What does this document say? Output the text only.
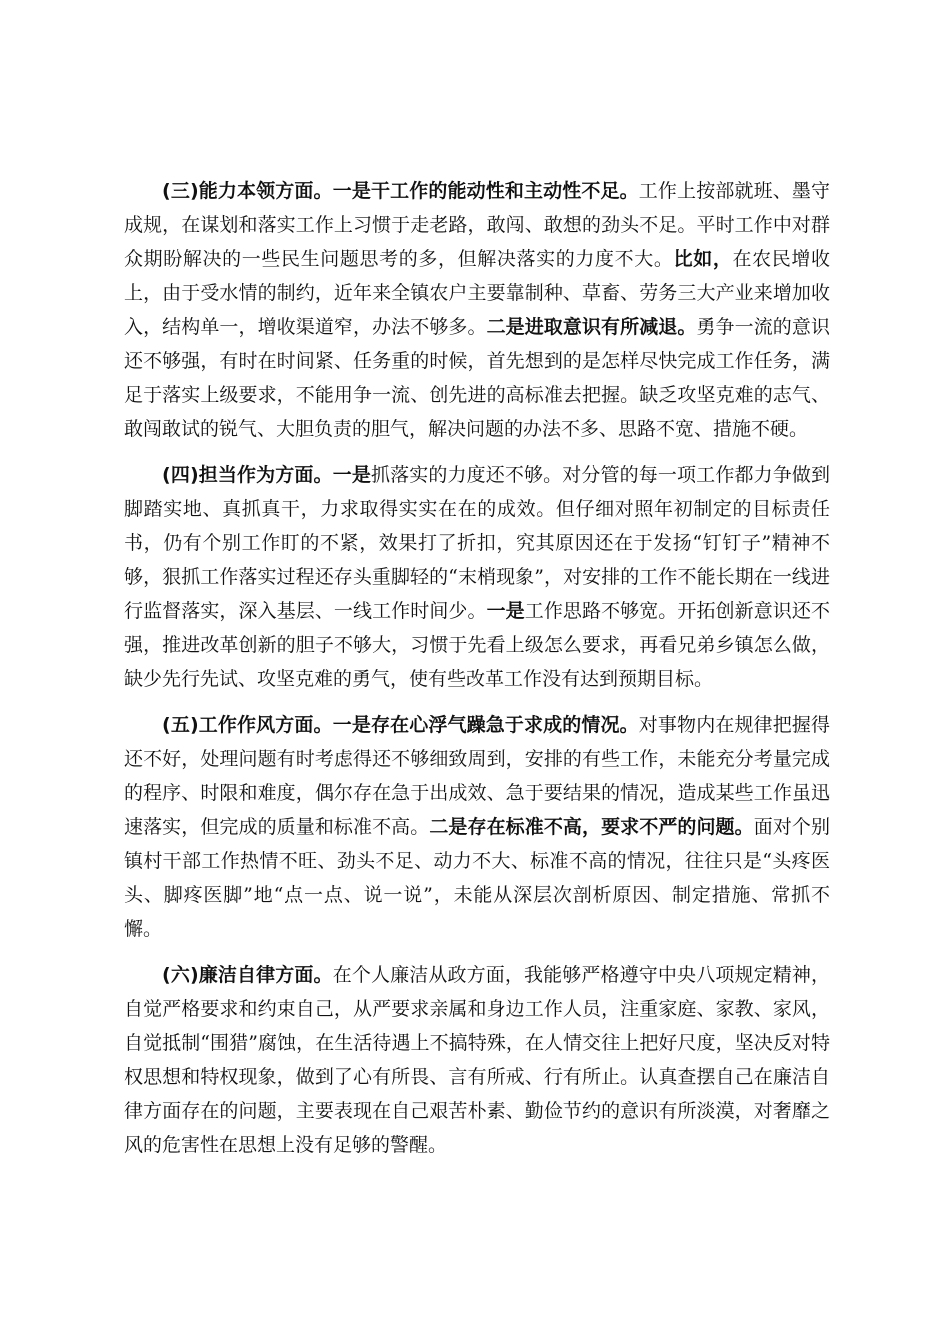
(三)能力本领方面。一是干工作的能动性和主动性不足。工作上按部就班、墨守成规，在谋划和落实工作上习惯于走老路，敢闯、敢想的劲头不足。平时工作中对群众期盼解决的一些民生问题思考的多，但解决落实的力度不大。比如，在农民增收上，由于受水情的制约，近年来全镇农户主要靠制种、草畜、劳务三大产业来增加收入，结构单一，增收渠道窄，办法不够多。二是进取意识有所减退。勇争一流的意识还不够强，有时在时间紧、任务重的时候，首先想到的是怎样尽快完成工作任务，满足于落实上级要求，不能用争一流、创先进的高标准去把握。缺乏攻坚克难的志气、敢闯敢试的锐气、大胆负责的胆气，解决问题的办法不多、思路不宽、措施不硬。

(四)担当作为方面。一是抓落实的力度还不够。对分管的每一项工作都力争做到脚踏实地、真抓真干，力求取得实实在在的成效。但仔细对照年初制定的目标责任书，仍有个别工作盯的不紧，效果打了折扣，究其原因还在于发扬“钉钉子”精神不够，狠抓工作落实过程还存头重脚轻的“末梢现象”，对安排的工作不能长期在一线进行监督落实，深入基层、一线工作时间少。一是工作思路不够宽。开拓创新意识还不强，推进改革创新的胆子不够大，习惯于先看上级怎么要求，再看兄弟乡镇怎么做，缺少先行先试、攻坚克难的勇气，使有些改革工作没有达到预期目标。

(五)工作作风方面。一是存在心浮气躁急于求成的情况。对事物内在规律把握得还不好，处理问题有时考虑得还不够细致周到，安排的有些工作，未能充分考量完成的程序、时限和难度，偶尔存在急于出成效、急于要结果的情况，造成某些工作虽迅速落实，但完成的质量和标准不高。二是存在标准不高，要求不严的问题。面对个别镇村干部工作热情不旺、劲头不足、动力不大、标准不高的情况，往往只是“头疼医头、脚疼医脚”地“点一点、说一说”，未能从深层次剖析原因、制定措施、常抓不懈。

(六)廉洁自律方面。在个人廉洁从政方面，我能够严格遵守中央八项规定精神，自觉严格要求和约束自己，从严要求亲属和身边工作人员，注重家庭、家教、家风，自觉抵制“围猎”腐蚀，在生活待遇上不搞特殊，在人情交往上把好尺度，坚决反对特权思想和特权现象，做到了心有所畏、言有所戒、行有所止。认真查摆自己在廉洁自律方面存在的问题，主要表现在自己艰苦朴素、勤俭节约的意识有所淡漠，对奢靡之风的危害性在思想上没有足够的警醒。
